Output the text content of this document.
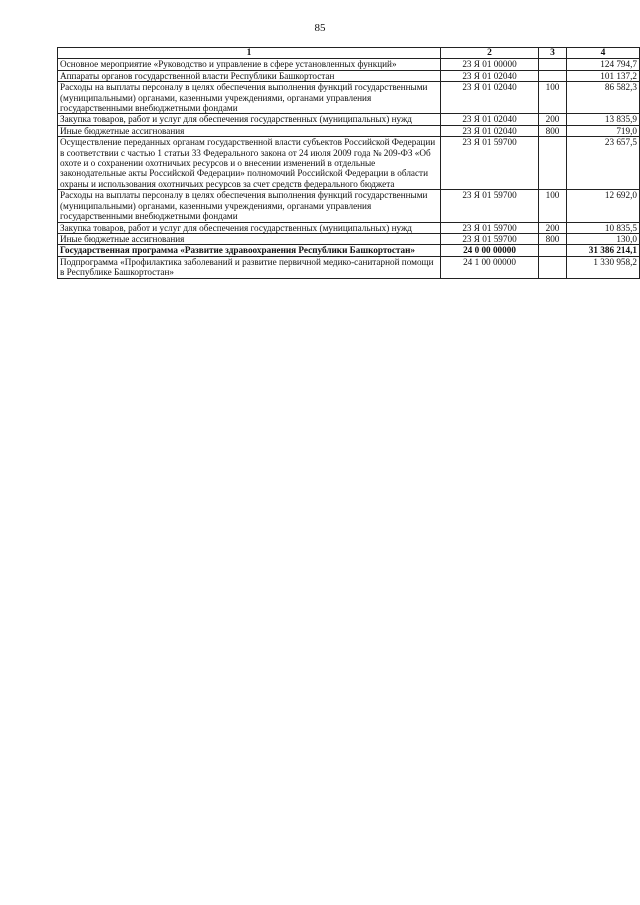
85
1	2	3	4
Основное мероприятие «Руководство и управление в сфере установленных функций»	23 Я 01 00000		124 794,7
Аппараты органов государственной власти Республики Башкортостан	23 Я 01 02040		101 137,2
Расходы на выплаты персоналу в целях обеспечения выполнения функций государственными (муниципальными) органами, казенными учреждениями, органами управления государственными внебюджетными фондами	23 Я 01 02040	100	86 582,3
Закупка товаров, работ и услуг для обеспечения государственных (муниципальных) нужд	23 Я 01 02040	200	13 835,9
Иные бюджетные ассигнования	23 Я 01 02040	800	719,0
Осуществление переданных органам государственной власти субъектов Российской Федерации в соответствии с частью 1 статьи 33 Федерального закона от 24 июля 2009 года № 209-ФЗ «Об охоте и о сохранении охотничьих ресурсов и о внесении изменений в отдельные законодательные акты Российской Федерации» полномочий Российской Федерации в области охраны и использования охотничьих ресурсов за счет средств федерального бюджета	23 Я 01 59700		23 657,5
Расходы на выплаты персоналу в целях обеспечения выполнения функций государственными (муниципальными) органами, казенными учреждениями, органами управления государственными внебюджетными фондами	23 Я 01 59700	100	12 692,0
Закупка товаров, работ и услуг для обеспечения государственных (муниципальных) нужд	23 Я 01 59700	200	10 835,5
Иные бюджетные ассигнования	23 Я 01 59700	800	130,0
Государственная программа «Развитие здравоохранения Республики Башкортостан»	24 0 00 00000		31 386 214,1
Подпрограмма «Профилактика заболеваний и развитие первичной медико-санитарной помощи в Республике Башкортостан»	24 1 00 00000		1 330 958,2
